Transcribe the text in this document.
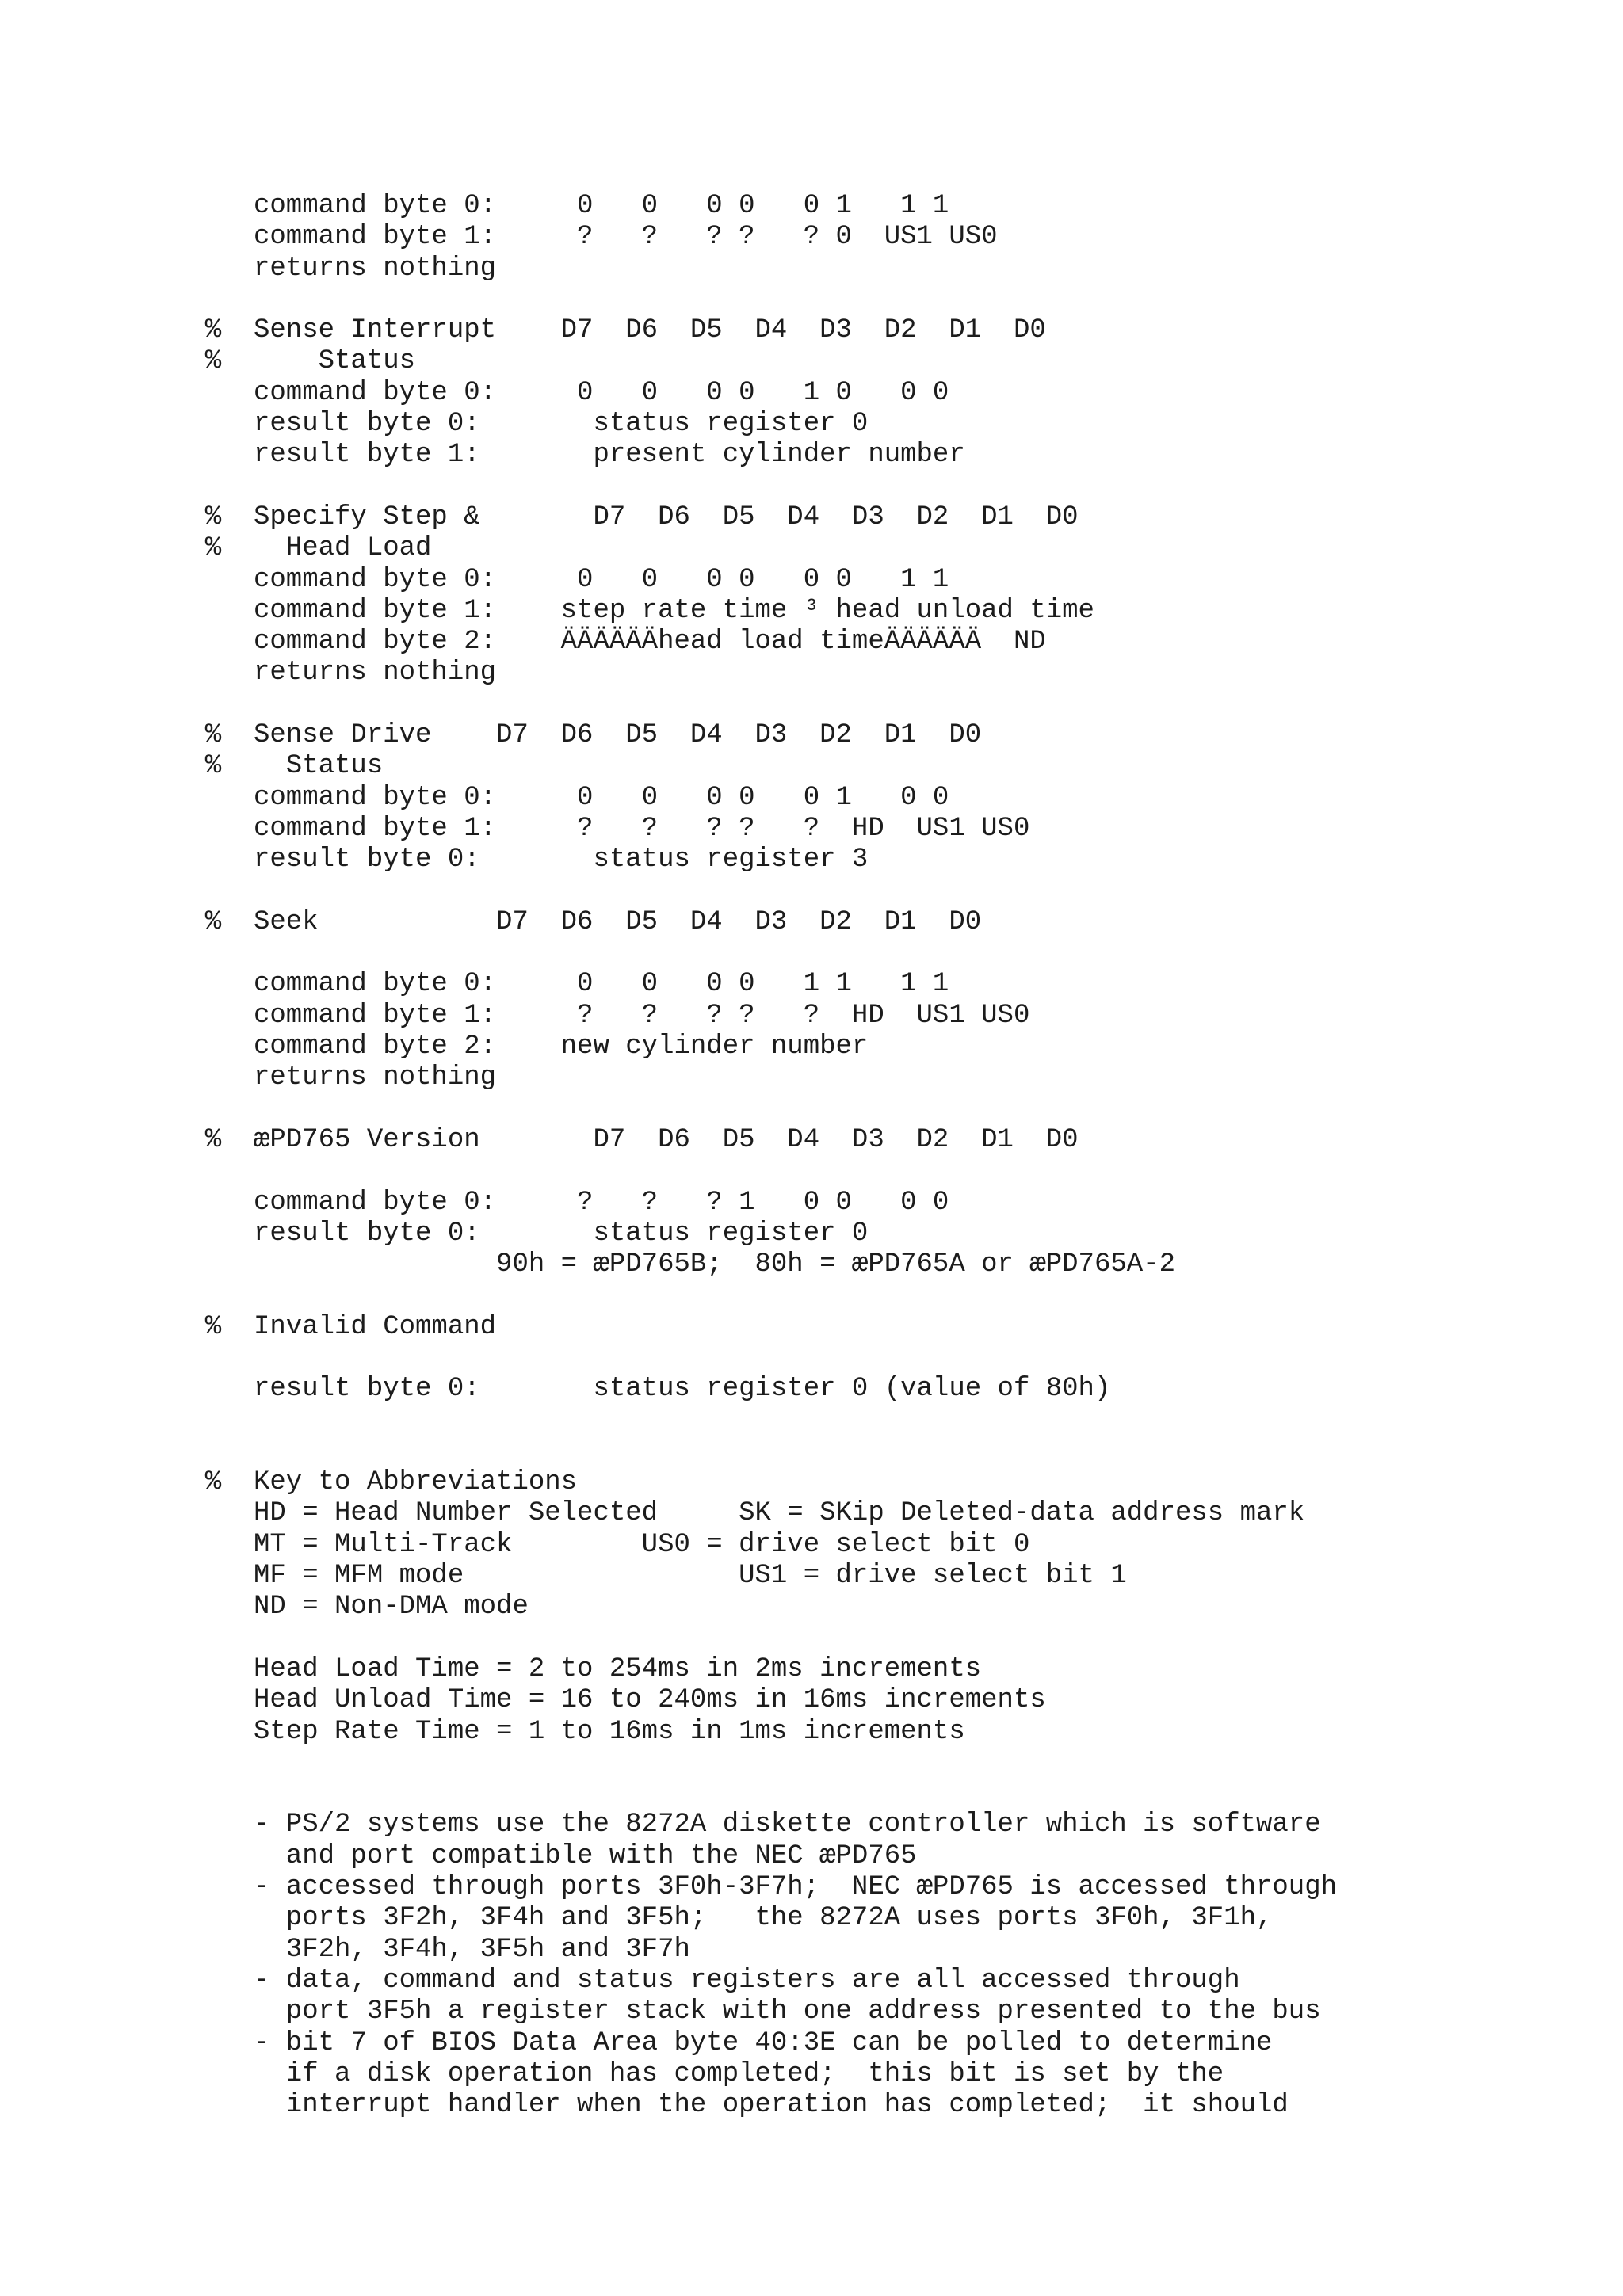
command byte 0:     0   0   0 0   0 1   1 1
command byte 1:     ?   ?   ? ?   ? 0  US1 US0
returns nothing
%  Sense Interrupt    D7  D6  D5  D4  D3  D2  D1  D0
%      Status
command byte 0:     0   0   0 0   1 0   0 0
result byte 0:       status register 0
result byte 1:       present cylinder number
%  Specify Step &       D7  D6  D5  D4  D3  D2  D1  D0
%    Head Load
command byte 0:     0   0   0 0   0 0   1 1
command byte 1:    step rate time ³ head unload time
command byte 2:    ÄÄÄÄÄÄhead load timeÄÄÄÄÄÄ  ND
returns nothing
%  Sense Drive    D7  D6  D5  D4  D3  D2  D1  D0
%    Status
command byte 0:     0   0   0 0   0 1   0 0
command byte 1:     ?   ?   ? ?   ?  HD  US1 US0
result byte 0:       status register 3
%  Seek           D7  D6  D5  D4  D3  D2  D1  D0
command byte 0:     0   0   0 0   1 1   1 1
command byte 1:     ?   ?   ? ?   ?  HD  US1 US0
command byte 2:    new cylinder number
returns nothing
%  æPD765 Version       D7  D6  D5  D4  D3  D2  D1  D0
command byte 0:     ?   ?   ? 1   0 0   0 0
result byte 0:       status register 0
90h = æPD765B;  80h = æPD765A or æPD765A-2
%  Invalid Command
result byte 0:       status register 0 (value of 80h)
%  Key to Abbreviations
HD = Head Number Selected     SK = SKip Deleted-data address mark
MT = Multi-Track        US0 = drive select bit 0
MF = MFM mode                 US1 = drive select bit 1
ND = Non-DMA mode
Head Load Time = 2 to 254ms in 2ms increments
Head Unload Time = 16 to 240ms in 16ms increments
Step Rate Time = 1 to 16ms in 1ms increments
- PS/2 systems use the 8272A diskette controller which is software
and port compatible with the NEC æPD765
- accessed through ports 3F0h-3F7h;  NEC æPD765 is accessed through
ports 3F2h, 3F4h and 3F5h;   the 8272A uses ports 3F0h, 3F1h,
3F2h, 3F4h, 3F5h and 3F7h
- data, command and status registers are all accessed through
port 3F5h a register stack with one address presented to the bus
- bit 7 of BIOS Data Area byte 40:3E can be polled to determine
if a disk operation has completed;  this bit is set by the
interrupt handler when the operation has completed;  it should
